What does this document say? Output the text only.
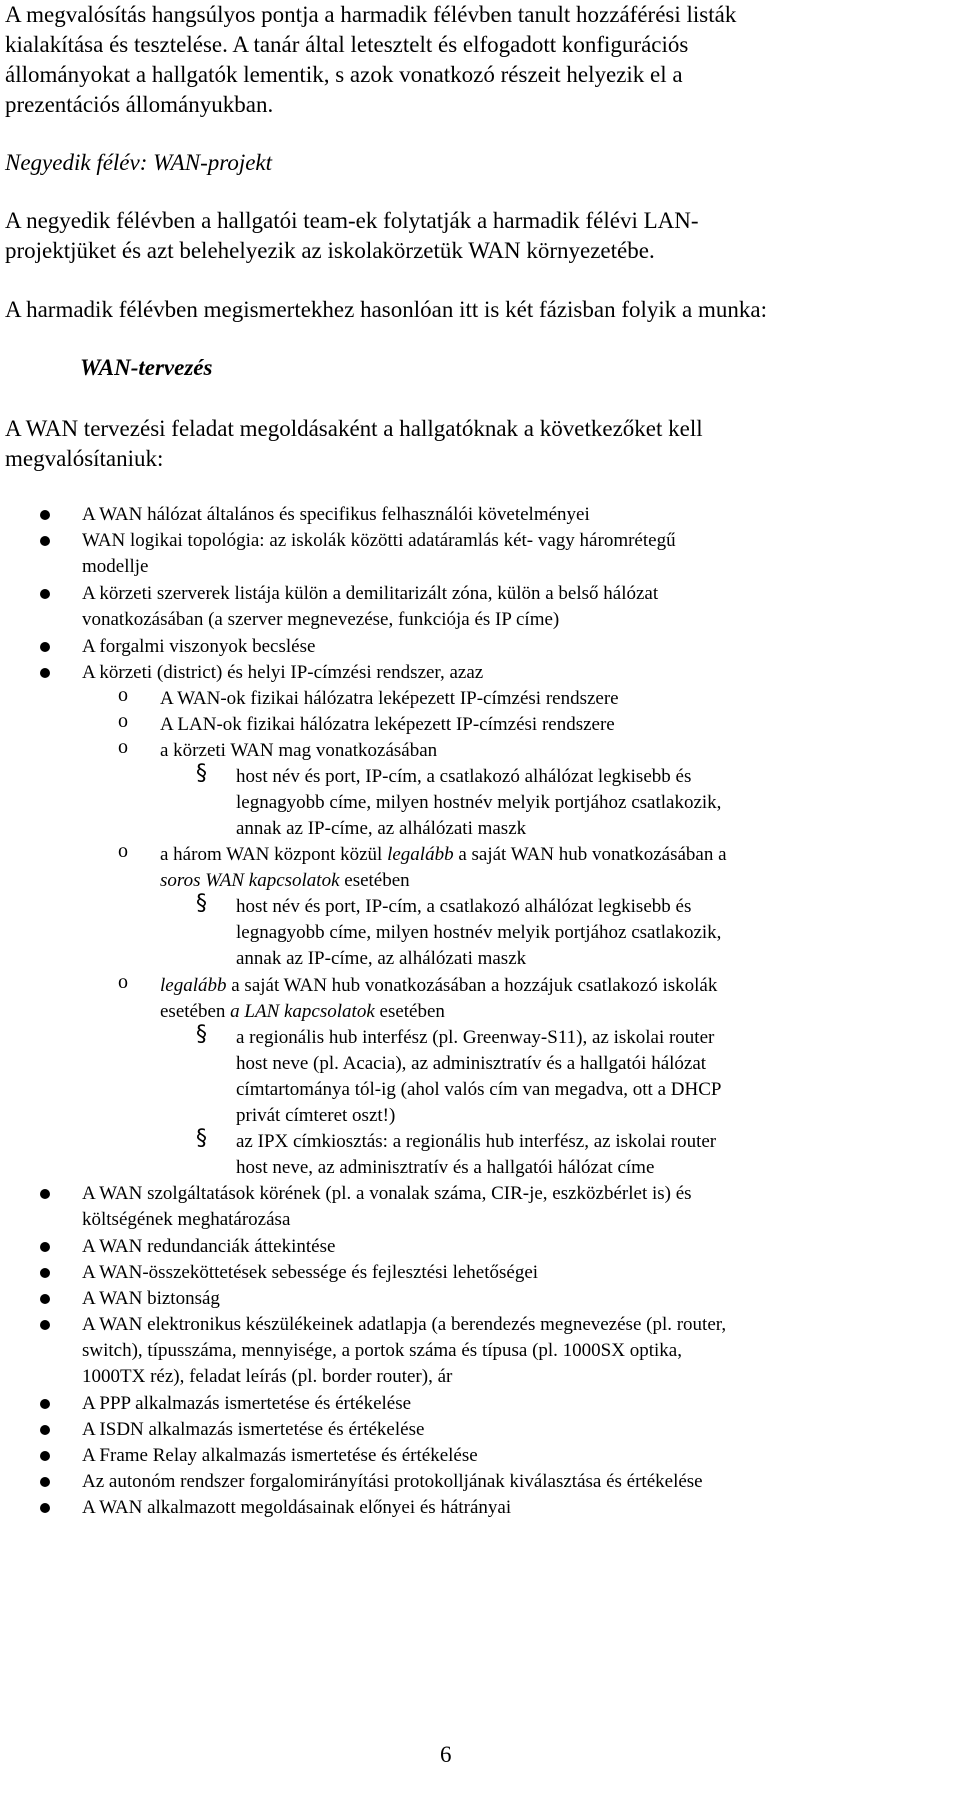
A megvalósítás hangsúlyos pontja a harmadik félévben tanult hozzáférési listák

kialakítása és tesztelése. A tanár által letesztelt és elfogadott konfigurációs

állományokat a hallgatók lementik, s azok vonatkozó részeit helyezik el a

prezentációs állományukban.

Negyedik félév: WAN-projekt

A negyedik félévben a hallgatói team-ek folytatják a harmadik félévi LAN-

projektjüket és azt belehelyezik az iskolakörzetük WAN környezetébe.

A harmadik félévben megismertekhez hasonlóan itt is két fázisban folyik a munka:

WAN-tervezés

A WAN tervezési feladat megoldásaként a hallgatóknak a következőket kell

megvalósítaniuk:

A WAN hálózat általános és specifikus felhasználói követelményei
WAN logikai topológia: az iskolák közötti adatáramlás két- vagy háromrétegű
modellje
A körzeti szerverek listája külön a demilitarizált zóna, külön a belső hálózat
vonatkozásában (a szerver megnevezése, funkciója és IP címe)
A forgalmi viszonyok becslése
A körzeti (district) és helyi IP-címzési rendszer, azaz
o A WAN-ok fizikai hálózatra leképezett IP-címzési rendszere
o A LAN-ok fizikai hálózatra leképezett IP-címzési rendszere
o a körzeti WAN mag vonatkozásában
§ host név és port, IP-cím, a csatlakozó alhálózat legkisebb és
legnagyobb címe, milyen hostnév melyik portjához csatlakozik,
annak az IP-címe, az alhálózati maszk
o a három WAN központ közül legalább a saját WAN hub vonatkozásában a
soros WAN kapcsolatok esetében
§ host név és port, IP-cím, a csatlakozó alhálózat legkisebb és
legnagyobb címe, milyen hostnév melyik portjához csatlakozik,
annak az IP-címe, az alhálózati maszk
o legalább a saját WAN hub vonatkozásában a hozzájuk csatlakozó iskolák
esetében a LAN kapcsolatok esetében
§ a regionális hub interfész (pl. Greenway-S11), az iskolai router
host neve (pl. Acacia), az adminisztratív és a hallgatói hálózat
címtartománya tól-ig (ahol valós cím van megadva, ott a DHCP
privát címteret oszt!)
§ az IPX címkiosztás: a regionális hub interfész, az iskolai router
host neve, az adminisztratív és a hallgatói hálózat címe
A WAN szolgáltatások körének (pl. a vonalak száma, CIR-je, eszközbérlet is) és
költségének meghatározása
A WAN redundanciák áttekintése
A WAN-összeköttetések sebessége és fejlesztési lehetőségei
A WAN biztonság
A WAN elektronikus készülékeinek adatlapja (a berendezés megnevezése (pl. router,
switch), típusszáma, mennyisége, a portok száma és típusa (pl. 1000SX optika,
1000TX réz), feladat leírás (pl. border router), ár
A PPP alkalmazás ismertetése és értékelése
A ISDN alkalmazás ismertetése és értékelése
A Frame Relay alkalmazás ismertetése és értékelése
Az autonóm rendszer forgalomirányítási protokolljának kiválasztása és értékelése
A WAN alkalmazott megoldásainak előnyei és hátrányai
6
